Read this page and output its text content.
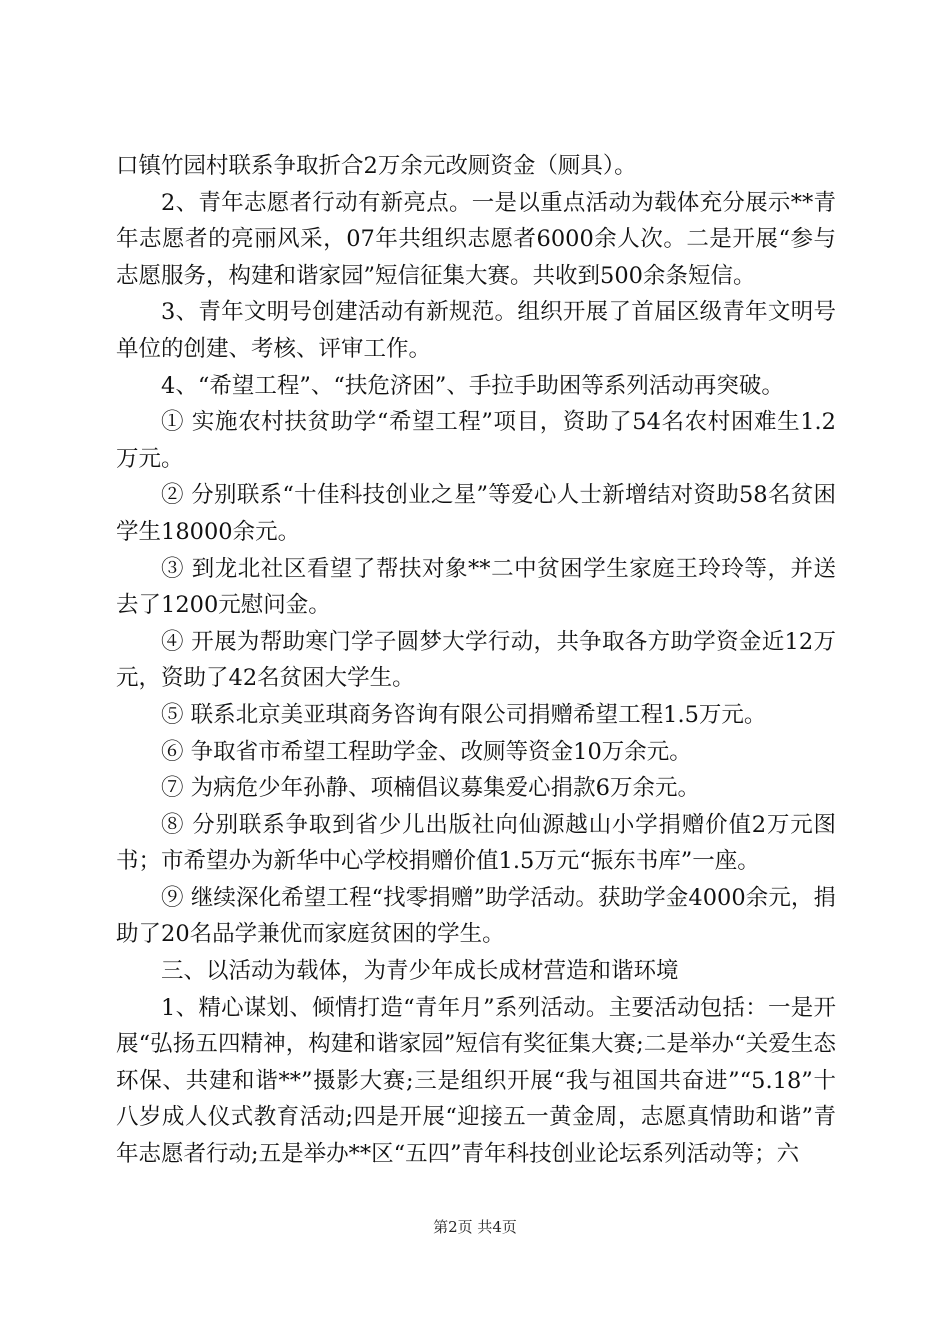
口镇竹园村联系争取折合2万余元改厕资金（厕具）。

2、青年志愿者行动有新亮点。一是以重点活动为载体充分展示**青年志愿者的亮丽风采，07年共组织志愿者6000余人次。二是开展“参与志愿服务，构建和谐家园”短信征集大赛。共收到500余条短信。

3、青年文明号创建活动有新规范。组织开展了首届区级青年文明号单位的创建、考核、评审工作。

4、“希望工程”、“扶危济困”、手拉手助困等系列活动再突破。

① 实施农村扶贫助学“希望工程”项目，资助了54名农村困难生1.2万元。

② 分别联系“十佳科技创业之星”等爱心人士新增结对资助58名贫困学生18000余元。

③ 到龙北社区看望了帮扶对象**二中贫困学生家庭王玲玲等，并送去了1200元慰问金。

④ 开展为帮助寒门学子圆梦大学行动，共争取各方助学资金近12万元，资助了42名贫困大学生。

⑤ 联系北京美亚琪商务咨询有限公司捐赠希望工程1.5万元。

⑥ 争取省市希望工程助学金、改厕等资金10万余元。

⑦ 为病危少年孙静、项楠倡议募集爱心捐款6万余元。

⑧ 分别联系争取到省少儿出版社向仙源越山小学捐赠价值2万元图书；市希望办为新华中心学校捐赠价值1.5万元“振东书库”一座。

⑨ 继续深化希望工程“找零捐赠”助学活动。获助学金4000余元，捐助了20名品学兼优而家庭贫困的学生。

三、以活动为载体，为青少年成长成材营造和谐环境

1、精心谋划、倾情打造“青年月”系列活动。主要活动包括：一是开展“弘扬五四精神，构建和谐家园”短信有奖征集大赛;二是举办“关爱生态环保、共建和谐**”摄影大赛;三是组织开展“我与祖国共奋进”“5.18”十八岁成人仪式教育活动;四是开展“迎接五一黄金周，志愿真情助和谐”青年志愿者行动;五是举办**区“五四”青年科技创业论坛系列活动等；六

第2页 共4页
